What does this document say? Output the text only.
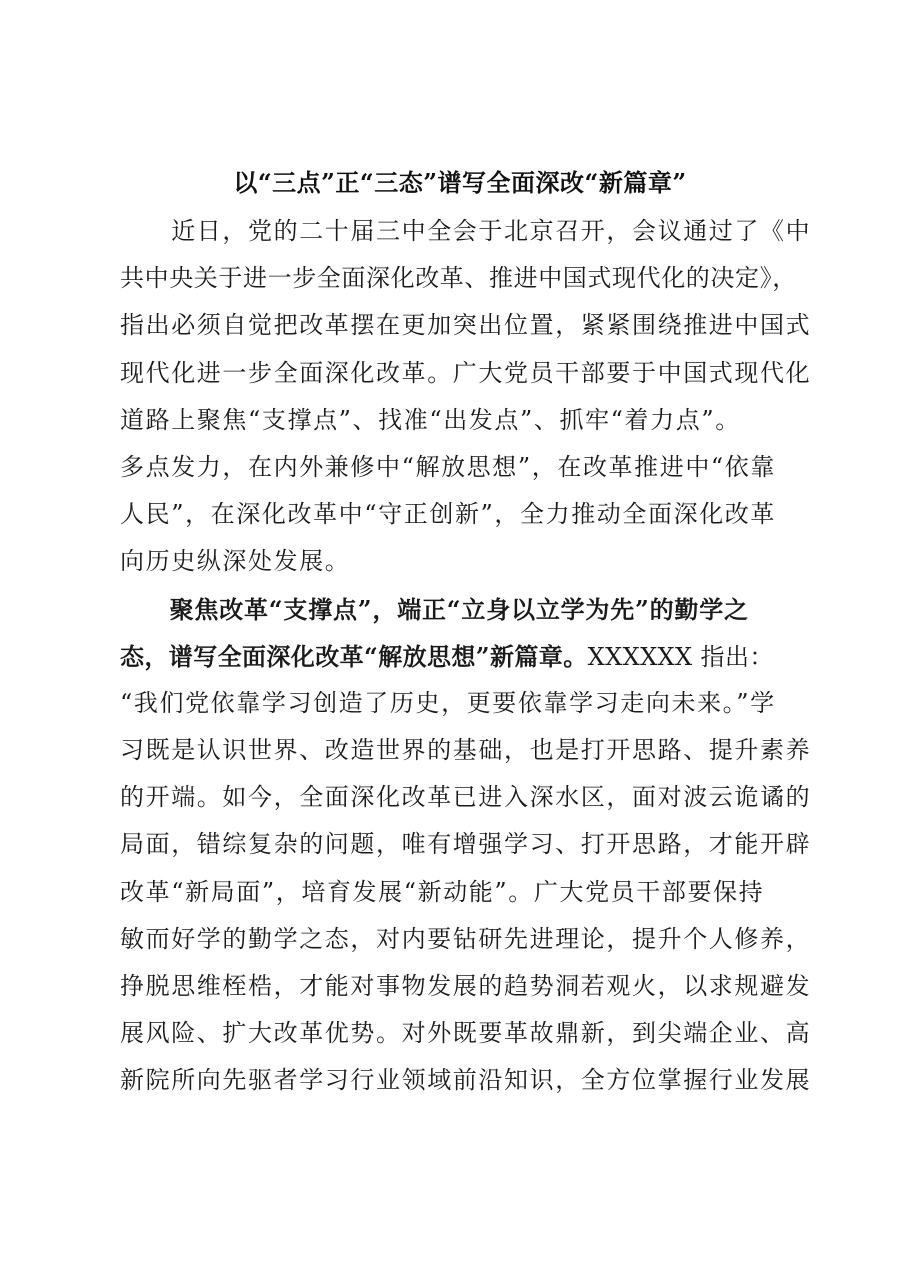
以“三点”正“三态”谱写全面深改“新篇章”
　　近日，党的二十届三中全会于北京召开，会议通过了《中
共中央关于进一步全面深化改革、推进中国式现代化的决定》，
指出必须自觉把改革摆在更加突出位置，紧紧围绕推进中国式
现代化进一步全面深化改革。广大党员干部要于中国式现代化
道路上聚焦“支撑点”、找准“出发点”、抓牢“着力点”。
多点发力，在内外兼修中“解放思想”，在改革推进中“依靠
人民”，在深化改革中“守正创新”，全力推动全面深化改革
向历史纵深处发展。
　　聚焦改革“支撑点”，端正“立身以立学为先”的勤学之
态，谱写全面深化改革“解放思想”新篇章。XXXXXX 指出：
“我们党依靠学习创造了历史，更要依靠学习走向未来。”学
习既是认识世界、改造世界的基础，也是打开思路、提升素养
的开端。如今，全面深化改革已进入深水区，面对波云诡谲的
局面，错综复杂的问题，唯有增强学习、打开思路，才能开辟
改革“新局面”，培育发展“新动能”。广大党员干部要保持
敏而好学的勤学之态，对内要钻研先进理论，提升个人修养，
挣脱思维桎梏，才能对事物发展的趋势洞若观火，以求规避发
展风险、扩大改革优势。对外既要革故鼎新，到尖端企业、高
新院所向先驱者学习行业领域前沿知识，全方位掌握行业发展
